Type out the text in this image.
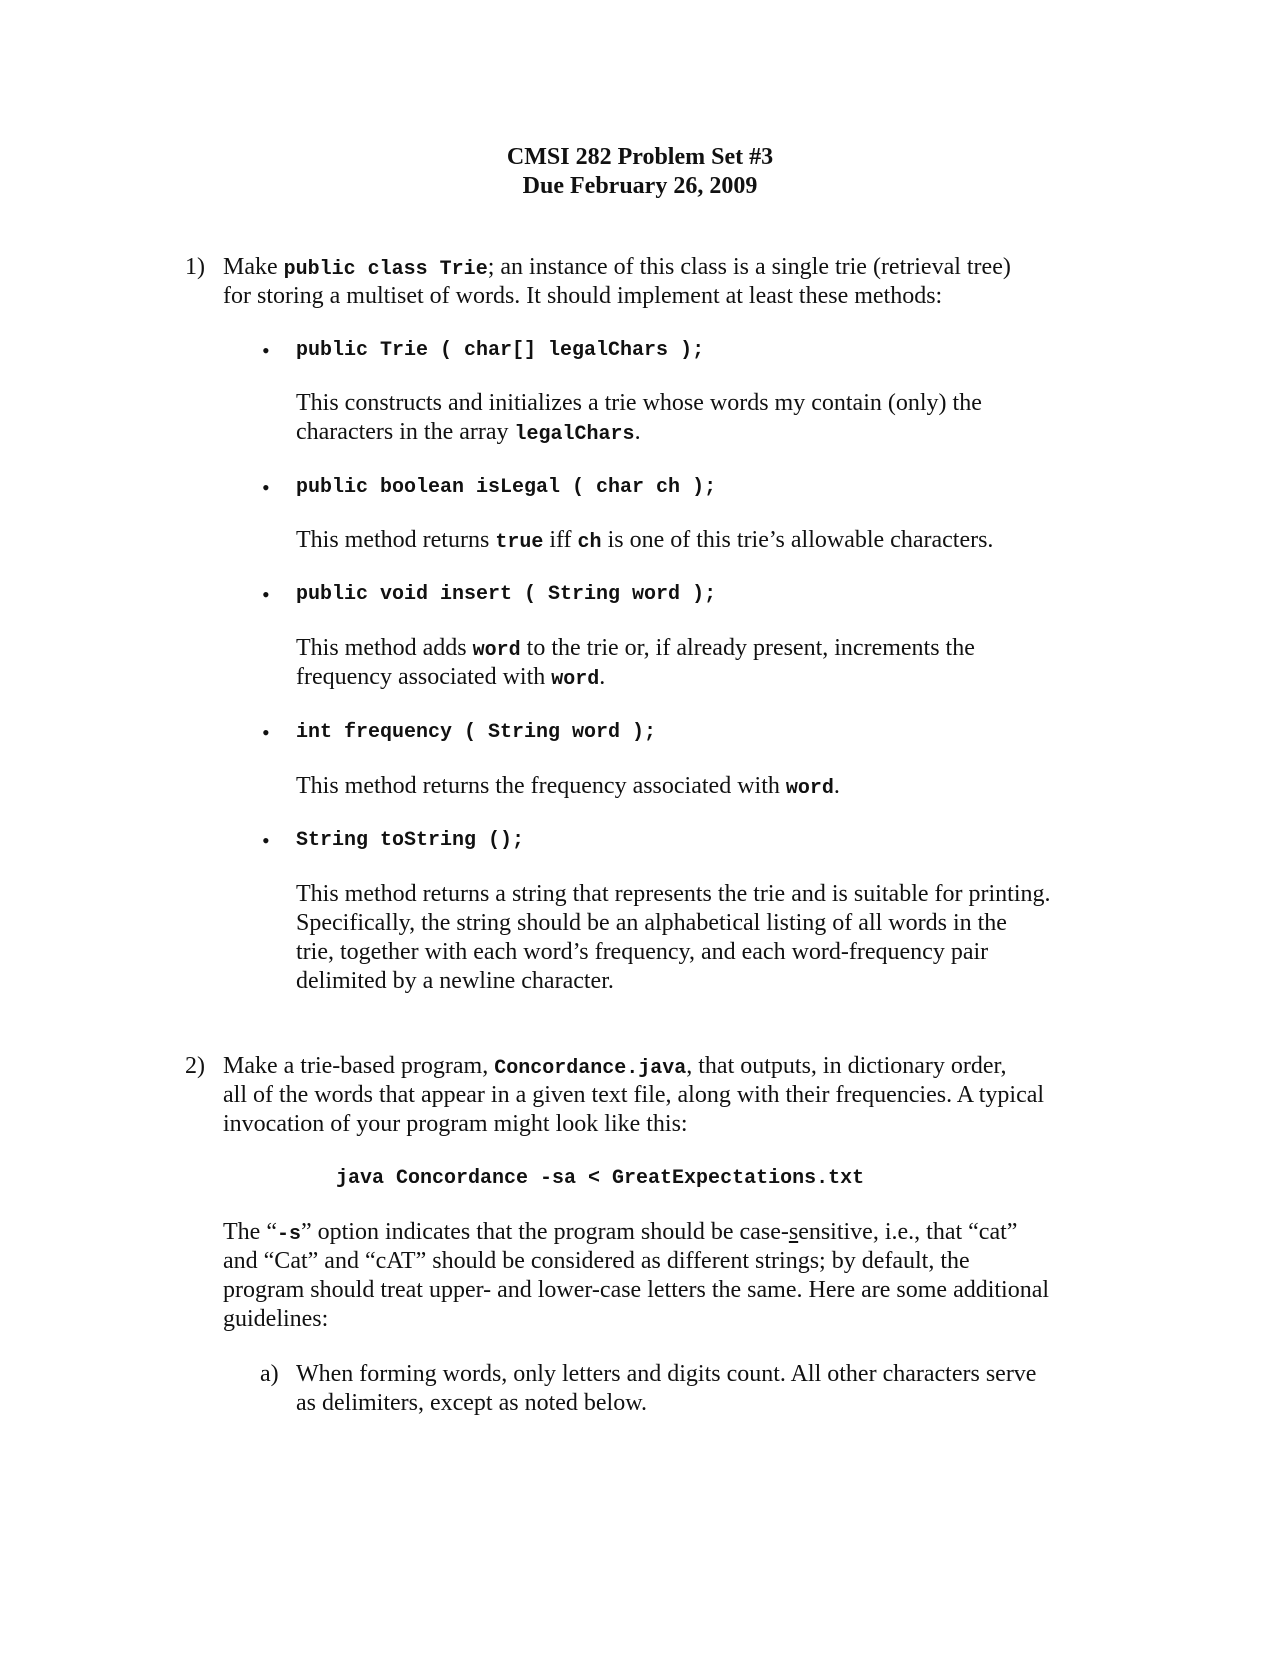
CMSI 282 Problem Set #3
Due February 26, 2009
1) Make public class Trie; an instance of this class is a single trie (retrieval tree)
for storing a multiset of words. It should implement at least these methods:
• public Trie ( char[] legalChars );
This constructs and initializes a trie whose words my contain (only) the
characters in the array legalChars.
• public boolean isLegal ( char ch );
This method returns true iff ch is one of this trie’s allowable characters.
• public void insert ( String word );
This method adds word to the trie or, if already present, increments the
frequency associated with word.
• int frequency ( String word );
This method returns the frequency associated with word.
• String toString ();
This method returns a string that represents the trie and is suitable for printing.
Specifically, the string should be an alphabetical listing of all words in the
trie, together with each word’s frequency, and each word-frequency pair
delimited by a newline character.
2) Make a trie-based program, Concordance.java, that outputs, in dictionary order,
all of the words that appear in a given text file, along with their frequencies. A typical
invocation of your program might look like this:
java Concordance -sa < GreatExpectations.txt
The “-s” option indicates that the program should be case-sensitive, i.e., that “cat”
and “Cat” and “cAT” should be considered as different strings; by default, the
program should treat upper- and lower-case letters the same. Here are some additional
guidelines:
a) When forming words, only letters and digits count. All other characters serve
as delimiters, except as noted below.
